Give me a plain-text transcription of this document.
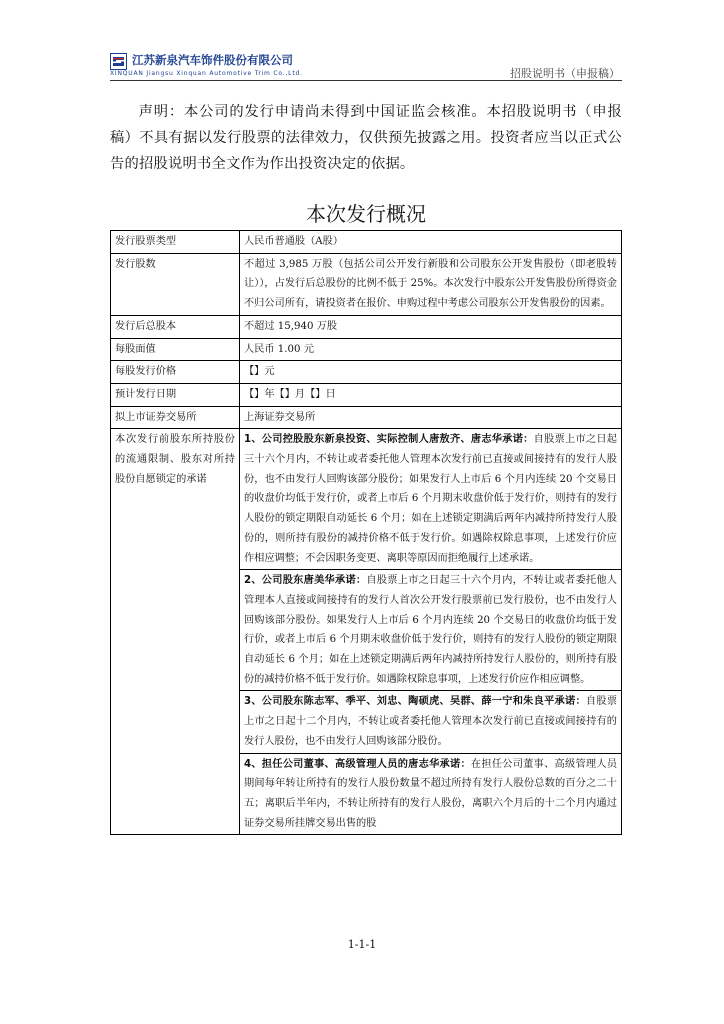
江苏新泉汽车饰件股份有限公司
XINQUAN Jiangsu Xinquan Automotive Trim Co.,Ltd.	招股说明书（申报稿）

声明：本公司的发行申请尚未得到中国证监会核准。本招股说明书（申报稿）不具有据以发行股票的法律效力，仅供预先披露之用。投资者应当以正式公告的招股说明书全文作为作出投资决定的依据。

本次发行概况
发行股票类型	人民币普通股（A股）
发行股数	不超过 3,985 万股（包括公司公开发行新股和公司股东公开发售股份（即老股转让）），占发行后总股份的比例不低于 25%。本次发行中股东公开发售股份所得资金不归公司所有，请投资者在报价、申购过程中考虑公司股东公开发售股份的因素。
发行后总股本	不超过 15,940 万股
每股面值	人民币 1.00 元
每股发行价格	【】元
预计发行日期	【】年【】月【】日
拟上市证券交易所	上海证券交易所
本次发行前股东所持股份的流通限制、股东对所持股份自愿锁定的承诺	1、公司控股股东新泉投资、实际控制人唐敖齐、唐志华承诺：自股票上市之日起三十六个月内，不转让或者委托他人管理本次发行前已直接或间接持有的发行人股份，也不由发行人回购该部分股份；如果发行人上市后 6 个月内连续 20 个交易日的收盘价均低于发行价，或者上市后 6 个月期末收盘价低于发行价，则持有的发行人股份的锁定期限自动延长 6 个月；如在上述锁定期满后两年内减持所持发行人股份的，则所持有股份的减持价格不低于发行价。如遇除权除息事项，上述发行价应作相应调整；不会因职务变更、离职等原因而拒绝履行上述承诺。
2、公司股东唐美华承诺：自股票上市之日起三十六个月内，不转让或者委托他人管理本人直接或间接持有的发行人首次公开发行股票前已发行股份，也不由发行人回购该部分股份。如果发行人上市后 6 个月内连续 20 个交易日的收盘价均低于发行价，或者上市后 6 个月期末收盘价低于发行价，则持有的发行人股份的锁定期限自动延长 6 个月；如在上述锁定期满后两年内减持所持发行人股份的，则所持有股份的减持价格不低于发行价。如遇除权除息事项，上述发行价应作相应调整。
3、公司股东陈志军、季平、刘忠、陶硕虎、吴群、薛一宁和朱良平承诺：自股票上市之日起十二个月内，不转让或者委托他人管理本次发行前已直接或间接持有的发行人股份，也不由发行人回购该部分股份。
4、担任公司董事、高级管理人员的唐志华承诺：在担任公司董事、高级管理人员期间每年转让所持有的发行人股份数量不超过所持有发行人股份总数的百分之二十五；离职后半年内，不转让所持有的发行人股份，离职六个月后的十二个月内通过证券交易所挂牌交易出售的股

1-1-1
